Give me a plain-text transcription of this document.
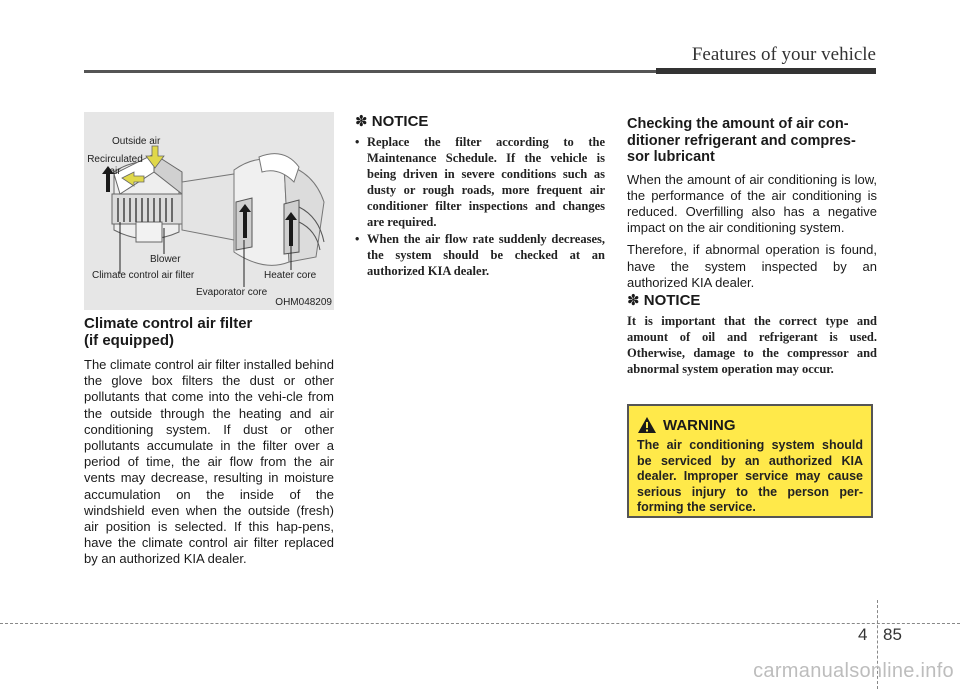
Features of your vehicle
Outside air
Recirculated air
Blower
Climate control air filter	Heater core
Evaporator core
OHM048209
Climate control air filter
(if equipped)

The climate control air filter installed behind the glove box filters the dust or other pollutants that come into the vehi-cle from the outside through the heating and air conditioning system. If dust or other pollutants accumulate in the filter over a period of time, the air flow from the air vents may decrease, resulting in moisture accumulation on the inside of the windshield even when the outside (fresh) air position is selected. If this hap-pens, have the climate control air filter replaced by an authorized KIA dealer.

✽ NOTICE
• Replace the filter according to the Maintenance Schedule. If the vehicle is being driven in severe conditions such as dusty or rough roads, more frequent air conditioner filter inspections and changes are required.
• When the air flow rate suddenly decreases, the system should be checked at an authorized KIA dealer.
Checking the amount of air con-ditioner refrigerant and compres-sor lubricant

When the amount of air conditioning is low, the performance of the air conditioning is reduced. Overfilling also has a negative impact on the air conditioning system.

Therefore, if abnormal operation is found, have the system inspected by an authorized KIA dealer.

✽ NOTICE
It is important that the correct type and amount of oil and refrigerant is used. Otherwise, damage to the compressor and abnormal system operation may occur.
WARNING
The air conditioning system should be serviced by an authorized KIA dealer. Improper service may cause serious injury to the person per-forming the service.
4 85
carmanualsonline.info
